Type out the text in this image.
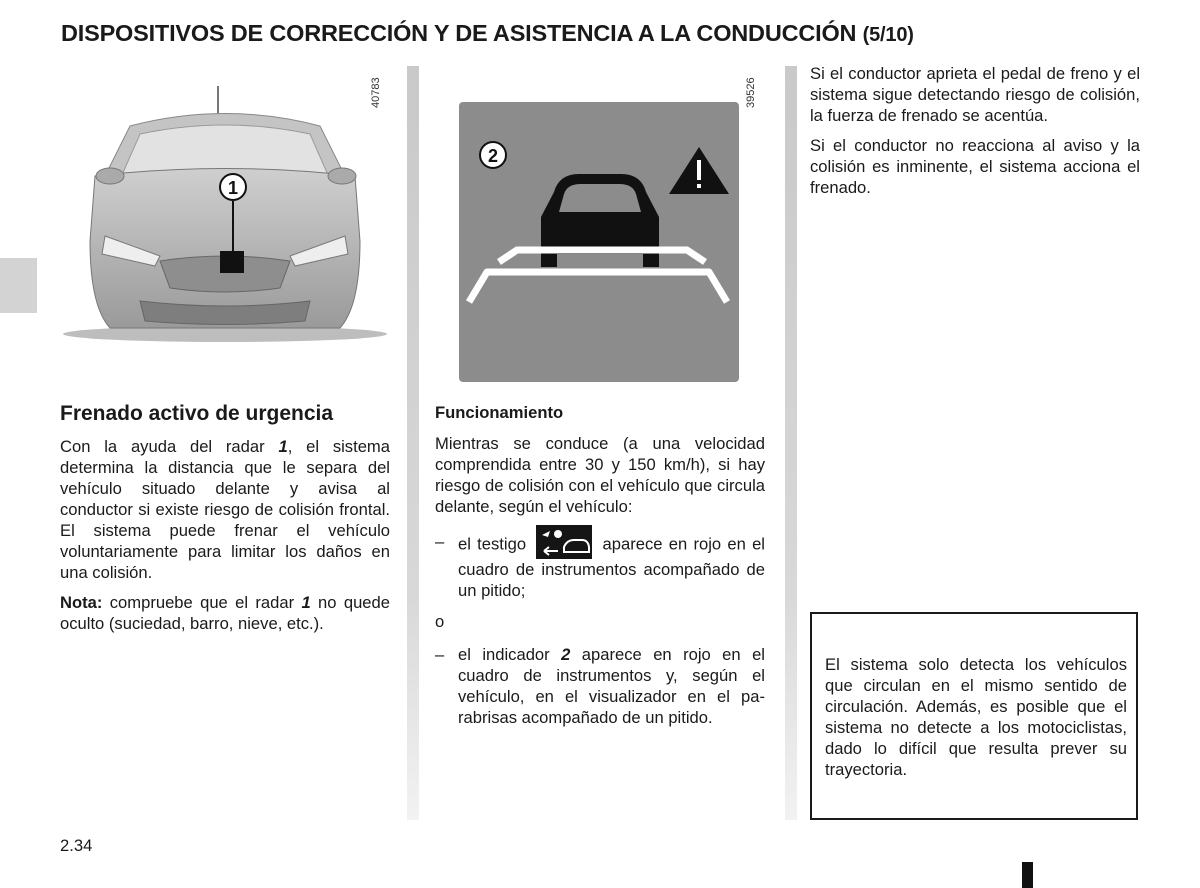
DISPOSITIVOS DE CORRECCIÓN Y DE ASISTENCIA A LA CONDUCCIÓN (5/10)
1
40783
2
39526
Frenado activo de urgencia

Con la ayuda del radar 1, el sistema determina la distancia que le separa del vehículo situado delante y avisa al conductor si existe riesgo de colisión frontal. El sistema puede frenar el vehículo voluntariamente para limitar los daños en una colisión.

Nota: compruebe que el radar 1 no quede oculto (suciedad, barro, nieve, etc.).

Funcionamiento

Mientras se conduce (a una velocidad comprendida entre 30 y 150 km/h), si hay riesgo de colisión con el vehículo que circula delante, según el vehículo:

– el testigo	aparece en rojo en el cuadro de instrumentos acompañado de un pitido;

o

– el indicador 2 aparece en rojo en el cuadro de instrumentos y, según el vehículo, en el visualizador en el parabrisas acompañado de un pitido.

Si el conductor aprieta el pedal de freno y el sistema sigue detectando riesgo de colisión, la fuerza de frenado se acentúa.

Si el conductor no reacciona al aviso y la colisión es inminente, el sistema acciona el frenado.

El sistema solo detecta los vehículos que circulan en el mismo sentido de circulación. Además, es posible que el sistema no detecte a los motociclistas, dado lo difícil que resulta prever su trayectoria.
2.34
